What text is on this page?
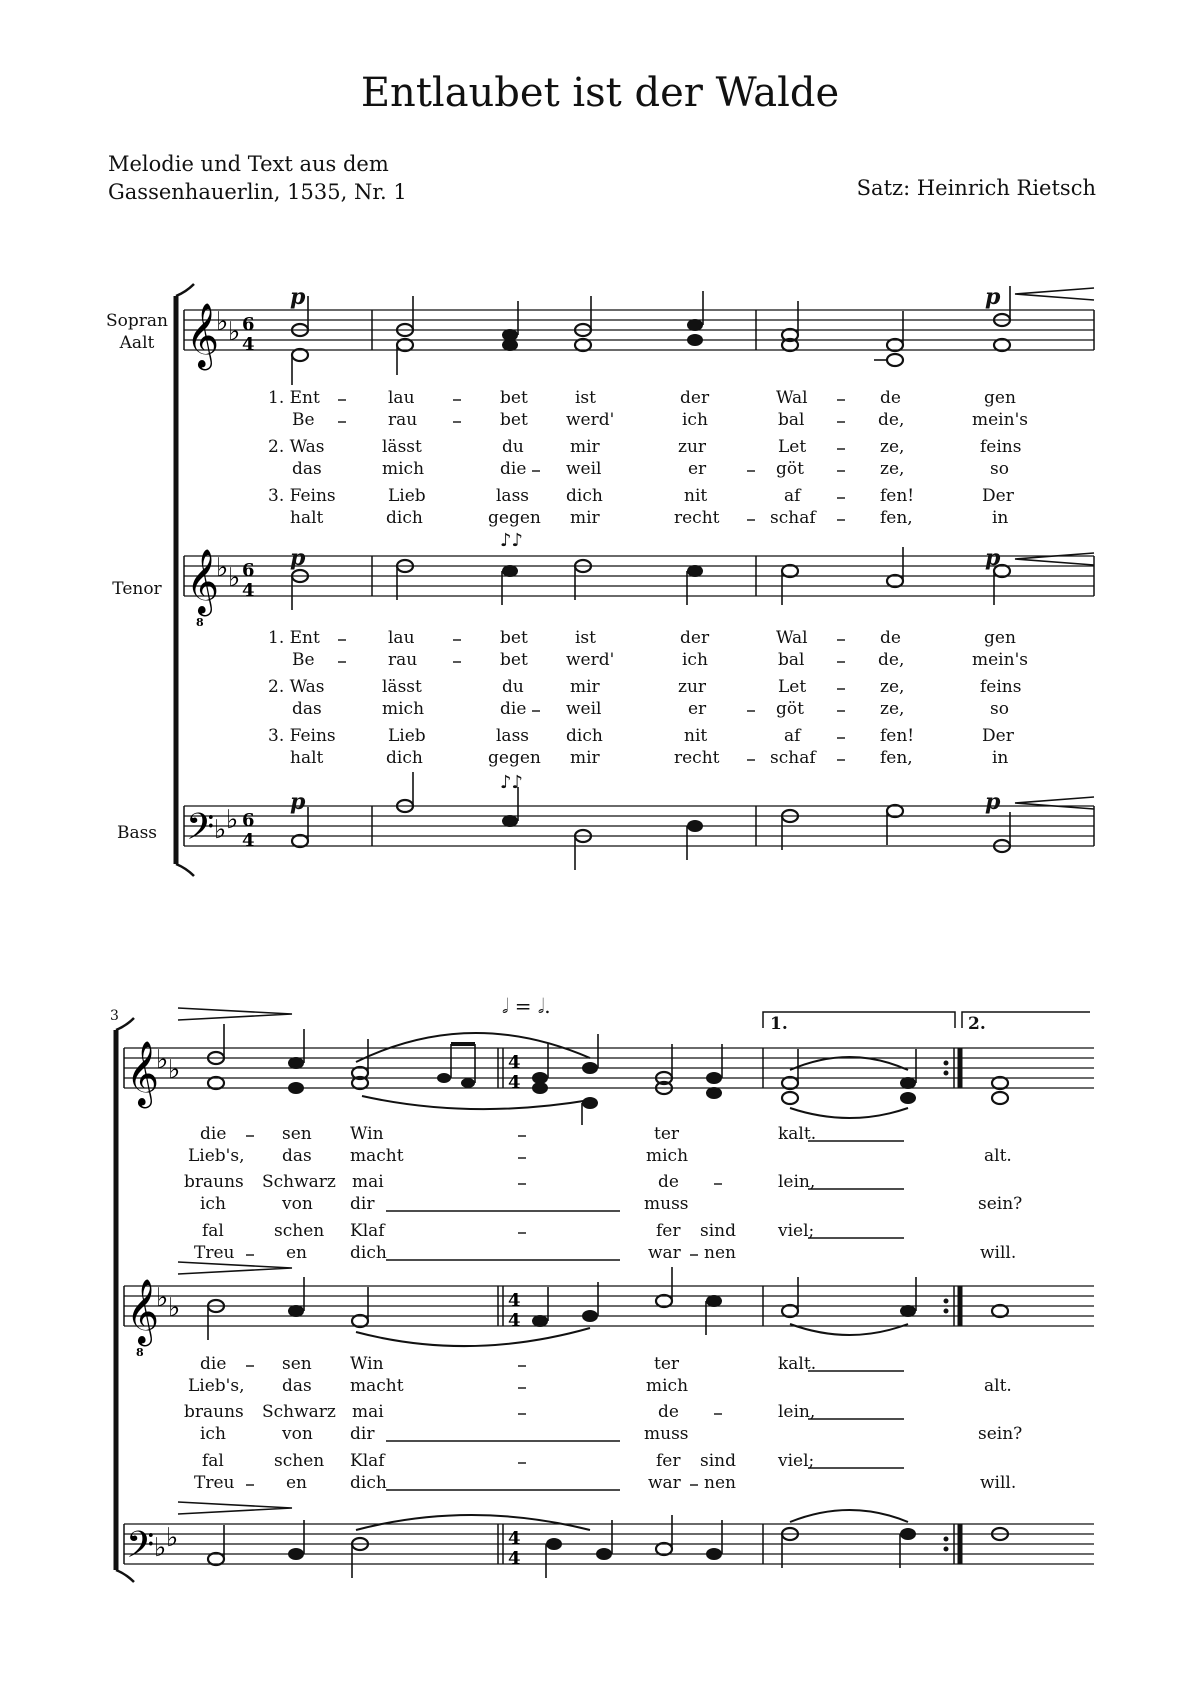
Entlaubet ist der Walde
Melodie und Text aus dem
Gassenhauerlin, 1535, Nr. 1	Satz: Heinrich Rietsch
Sopran
Aalt
Tenor
Bass
𝄞
𝄞
8
𝄢
♭ ♭
♭ ♭
♭ ♭
6
4
6
4
6
4
𝄞
𝄞
8
𝄢
♭ ♭
♭ ♭
♭ ♭
4
4
4
4
4
4
p	p
p	p
p	p
♪♪
♪♪
1. Ent	lau	bet	ist	der	Wal	de	gen
Be	rau	bet werd'	ich	bal	de,	mein's
2. Was	lässt	du	mir	zur	Let	ze,	feins
das	mich	die weil	er	göt	ze,	so
3. Feins	Lieb	lass dich	nit	af	fen!	Der
halt	dich	gegen mir	recht	schaf	fen,	in
1. Ent	lau	bet	ist	der	Wal	de	gen
Be	rau	bet werd'	ich	bal	de,	mein's
2. Was	lässt	du	mir	zur	Let	ze,	feins
das	mich	die weil	er	göt	ze,	so
3. Feins	Lieb	lass dich	nit	af	fen!	Der
halt	dich	gegen mir	recht	schaf	fen,	in
3	𝅗𝅥 = 𝅗𝅥.
1.	2.
die	sen Win	ter	kalt.
Lieb's, das macht	mich	alt.
brauns Schwarz mai	de	lein,
ich	von dir	muss	sein?
fal	schen Klaf	fer sind viel;
Treu	en	dich	war nen	will.
die	sen Win	ter	kalt.
Lieb's, das macht	mich	alt.
brauns Schwarz mai	de	lein,
ich	von dir	muss	sein?
fal	schen Klaf	fer sind viel;
Treu	en	dich	war nen	will.
